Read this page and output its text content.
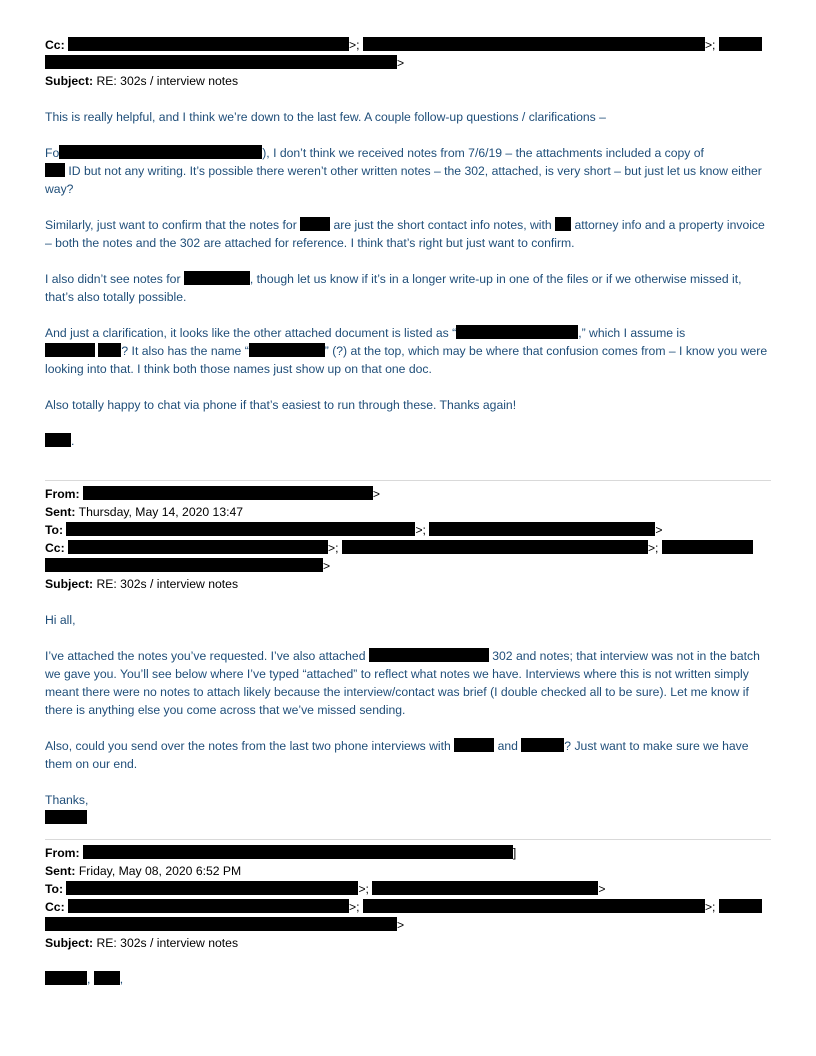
Cc:	>;	>;
>
Subject: RE: 302s / interview notes

This is really helpful, and I think we’re down to the last few. A couple follow-up questions / clarifications –

Fo	), I don’t think we received notes from 7/6/19 – the attachments included a copy of
ID but not any writing. It’s possible there weren’t other written notes – the 302, attached, is very short – but just let us know either way?

Similarly, just want to confirm that the notes for  are just the short contact info notes, with  attorney info and a property invoice – both the notes and the 302 are attached for reference. I think that’s right but just want to confirm.

I also didn’t see notes for	, though let us know if it’s in a longer write-up in one of the files or if we otherwise missed it, that’s also totally possible.

And just a clarification, it looks like the other attached document is listed as “	,” which I assume is
? It also has the name “	” (?) at the top, which may be where that confusion comes from – I know you were looking into that. I think both those names just show up on that one doc.

Also totally happy to chat via phone if that’s easiest to run through these. Thanks again!

.

From:	>
Sent: Thursday, May 14, 2020 13:47
To:	>;	>
Cc:	>;	>;
>
Subject: RE: 302s / interview notes

Hi all,

I’ve attached the notes you’ve requested. I’ve also attached	302 and notes; that interview was not in the batch we gave you. You’ll see below where I’ve typed “attached” to reflect what notes we have. Interviews where this is not written simply meant there were no notes to attach likely because the interview/contact was brief (I double checked all to be sure). Let me know if there is anything else you come across that we’ve missed sending.

Also, could you send over the notes from the last two phone interviews with	and	? Just want to make sure we have them on our end.

Thanks,

From:	]
Sent: Friday, May 08, 2020 6:52 PM
To:	>;	>
Cc:	>;	>;
>
Subject: RE: 302s / interview notes

, ,
